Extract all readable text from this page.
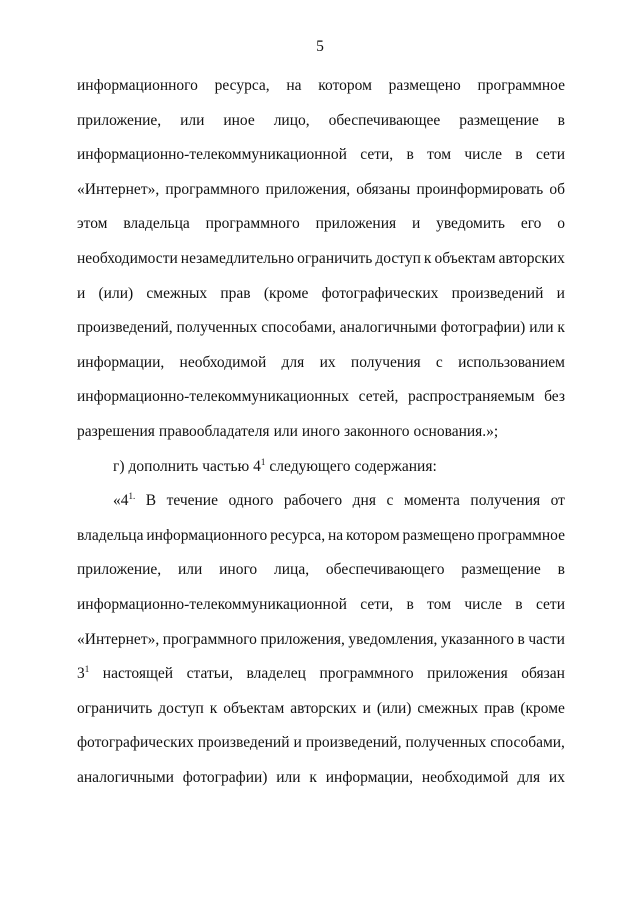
5
информационного ресурса, на котором размещено программное
приложение, или иное лицо, обеспечивающее размещение в
информационно-телекоммуникационной сети, в том числе в сети
«Интернет», программного приложения, обязаны проинформировать об
этом владельца программного приложения и уведомить его о
необходимости незамедлительно ограничить доступ к объектам авторских
и (или) смежных прав (кроме фотографических произведений и
произведений, полученных способами, аналогичными фотографии) или к
информации, необходимой для их получения с использованием
информационно-телекоммуникационных сетей, распространяемым без
разрешения правообладателя или иного законного основания.»;
г) дополнить частью $4^1$ следующего содержания:
«$4^{1.}$ В течение одного рабочего дня с момента получения от
владельца информационного ресурса, на котором размещено программное
приложение, или иного лица, обеспечивающего размещение в
информационно-телекоммуникационной сети, в том числе в сети
«Интернет», программного приложения, уведомления, указанного в части
$3^1$ настоящей статьи, владелец программного приложения обязан
ограничить доступ к объектам авторских и (или) смежных прав (кроме
фотографических произведений и произведений, полученных способами,
аналогичными фотографии) или к информации, необходимой для их
